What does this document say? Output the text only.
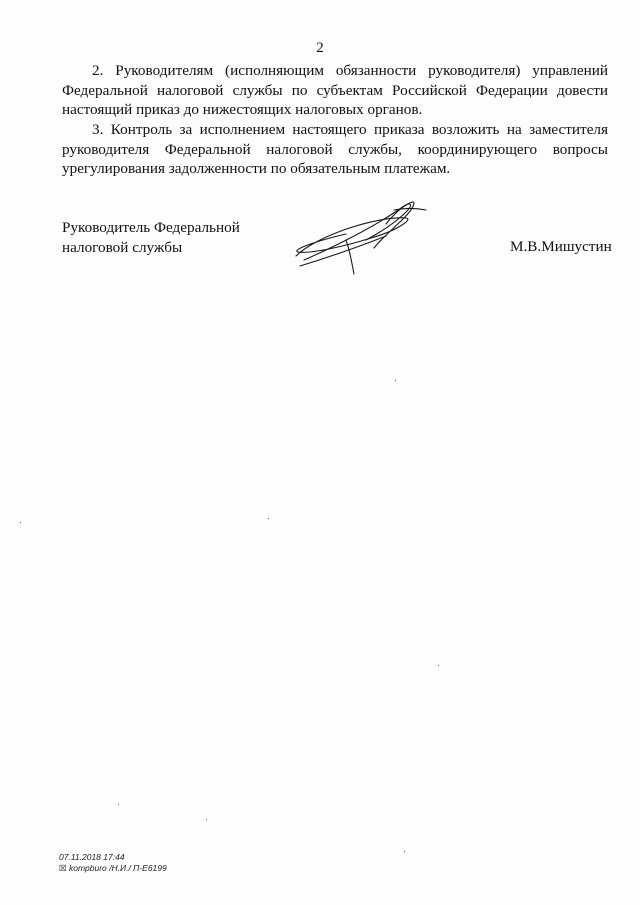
2

2. Руководителям (исполняющим обязанности руководителя) управлений Федеральной налоговой службы по субъектам Российской Федерации довести настоящий приказ до нижестоящих налоговых органов.

3. Контроль за исполнением настоящего приказа возложить на заместителя руководителя Федеральной налоговой службы, координирующего вопросы урегулирования задолженности по обязательным платежам.

Руководитель Федеральной
налоговой службы	М.В.Мишустин
07.11.2018 17:44
☒ kompburo /Н.И./ П-Е6199
